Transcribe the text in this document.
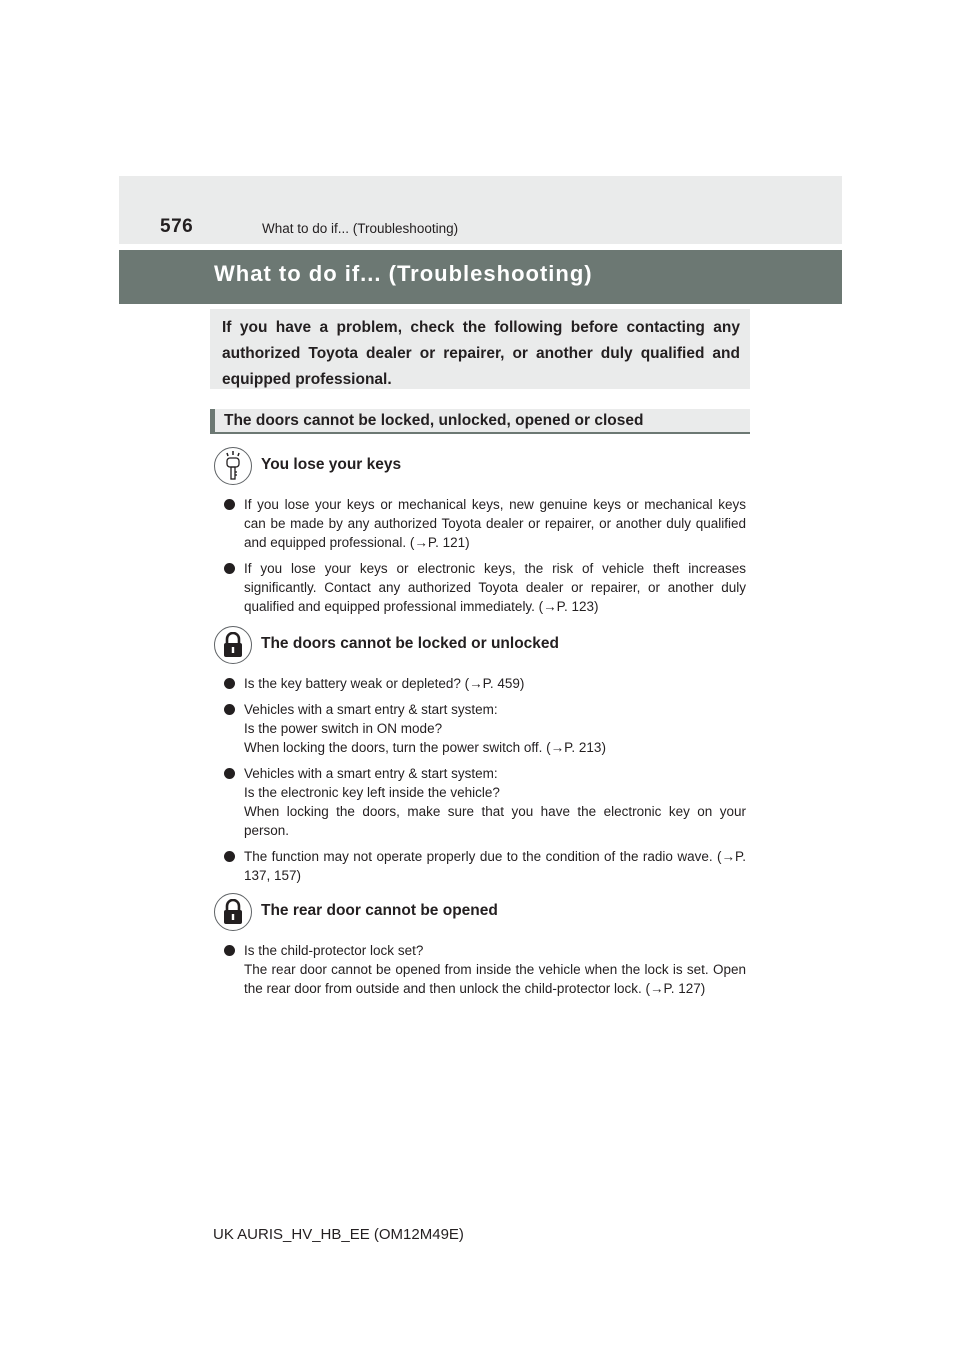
576	What to do if... (Troubleshooting)
What to do if... (Troubleshooting)
If you have a problem, check the following before contacting any authorized Toyota dealer or repairer, or another duly qualified and equipped professional.
The doors cannot be locked, unlocked, opened or closed
You lose your keys
If you lose your keys or mechanical keys, new genuine keys or mechanical keys can be made by any authorized Toyota dealer or repairer, or another duly qualified and equipped professional. (→P. 121)
If you lose your keys or electronic keys, the risk of vehicle theft increases significantly. Contact any authorized Toyota dealer or repairer, or another duly qualified and equipped professional immediately. (→P. 123)
The doors cannot be locked or unlocked
Is the key battery weak or depleted? (→P. 459)
Vehicles with a smart entry & start system:
Is the power switch in ON mode?
When locking the doors, turn the power switch off. (→P. 213)
Vehicles with a smart entry & start system:
Is the electronic key left inside the vehicle?
When locking the doors, make sure that you have the electronic key on your person.
The function may not operate properly due to the condition of the radio wave. (→P. 137, 157)
The rear door cannot be opened
Is the child-protector lock set?
The rear door cannot be opened from inside the vehicle when the lock is set. Open the rear door from outside and then unlock the child-protector lock. (→P. 127)
UK AURIS_HV_HB_EE (OM12M49E)
